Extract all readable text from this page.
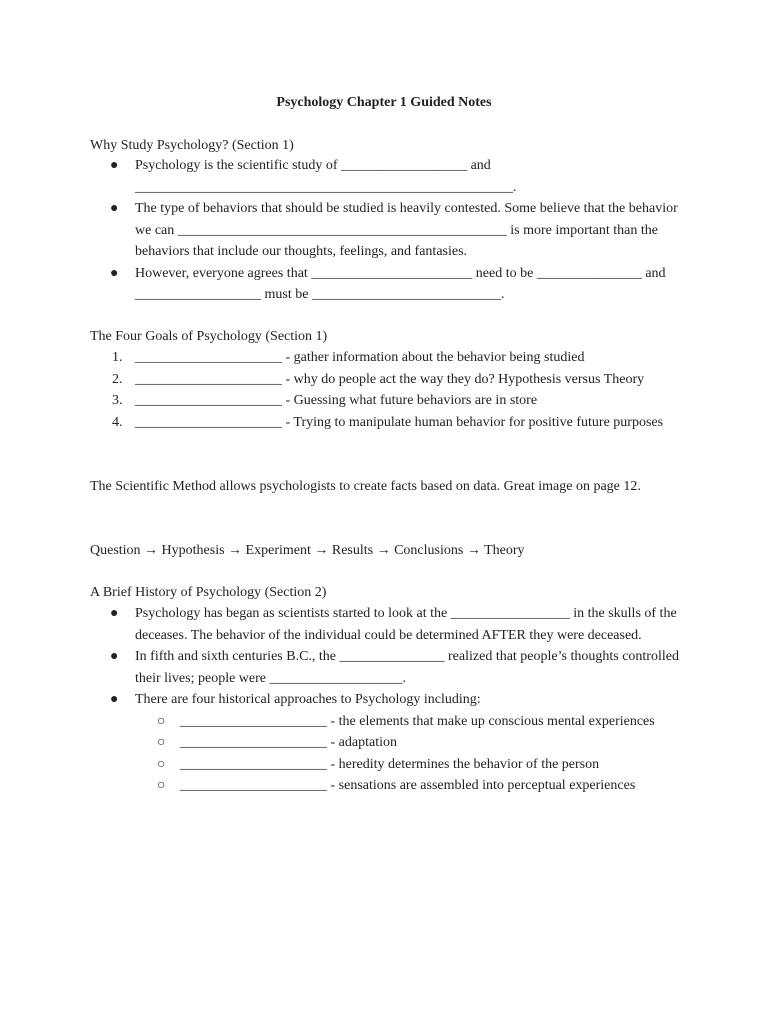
Psychology Chapter 1 Guided Notes
Why Study Psychology? (Section 1)
●	Psychology is the scientific study of __________________ and ______________________________________________________.
●	The type of behaviors that should be studied is heavily contested. Some believe that the behavior we can _______________________________________________ is more important than the behaviors that include our thoughts, feelings, and fantasies.
●	However, everyone agrees that _______________________ need to be _______________ and __________________ must be ___________________________.
The Four Goals of Psychology (Section 1)
1. _____________________ - gather information about the behavior being studied
2. _____________________ - why do people act the way they do? Hypothesis versus Theory
3. _____________________ - Guessing what future behaviors are in store
4. _____________________ - Trying to manipulate human behavior for positive future purposes
The Scientific Method allows psychologists to create facts based on data. Great image on page 12.
Question → Hypothesis → Experiment → Results → Conclusions → Theory
A Brief History of Psychology (Section 2)
●	Psychology has began as scientists started to look at the _________________ in the skulls of the deceases. The behavior of the individual could be determined AFTER they were deceased.
●	In fifth and sixth centuries B.C., the _______________ realized that people’s thoughts controlled their lives; people were ___________________.
●	There are four historical approaches to Psychology including:
○ _____________________ - the elements that make up conscious mental experiences
○ _____________________ - adaptation
○ _____________________ - heredity determines the behavior of the person
○ _____________________ - sensations are assembled into perceptual experiences
